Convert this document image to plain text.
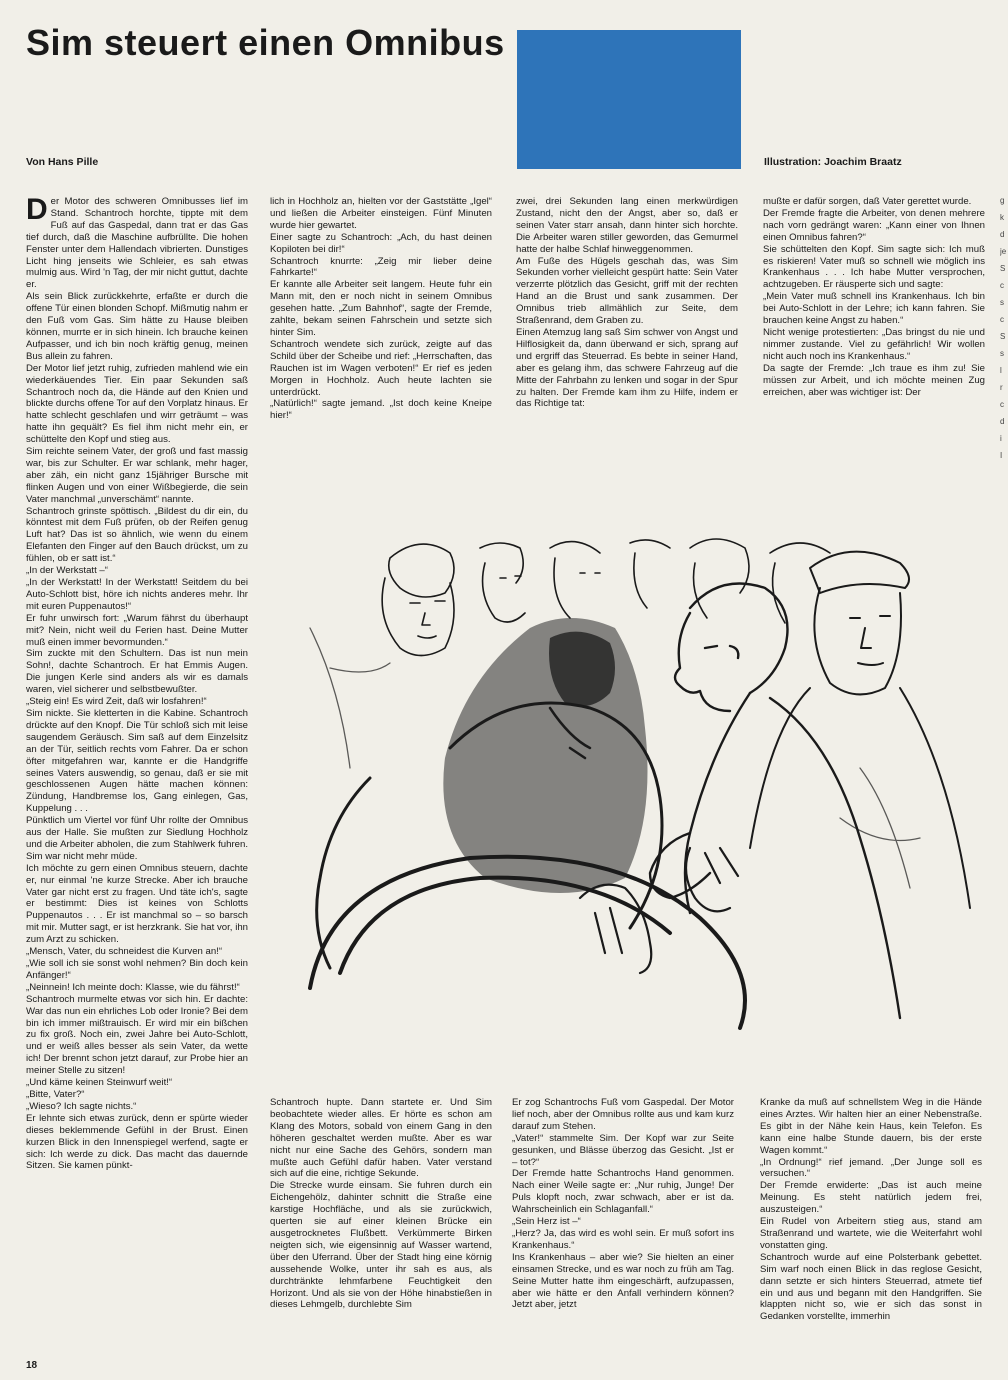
Sim steuert einen Omnibus

Von Hans Pille	Illustration: Joachim Braatz

Der Motor des schweren Omnibusses lief im Stand. Schantroch horchte, tippte mit dem Fuß auf das Gaspedal, dann trat er das Gas tief durch, daß die Maschine aufbrüllte. Die hohen Fenster unter dem Hallendach vibrierten. Dunstiges Licht hing jenseits wie Schleier, es sah etwas mulmig aus. Wird 'n Tag, der mir nicht guttut, dachte er.

Als sein Blick zurückkehrte, erfaßte er durch die offene Tür einen blonden Schopf. Mißmutig nahm er den Fuß vom Gas. Sim hätte zu Hause bleiben können, murrte er in sich hinein. Ich brauche keinen Aufpasser, und ich bin noch kräftig genug, meinen Bus allein zu fahren.

Der Motor lief jetzt ruhig, zufrieden mahlend wie ein wiederkäuendes Tier. Ein paar Sekunden saß Schantroch noch da, die Hände auf den Knien und blickte durchs offene Tor auf den Vorplatz hinaus. Er hatte schlecht geschlafen und wirr geträumt – was hatte ihn gequält? Es fiel ihm nicht mehr ein, er schüttelte den Kopf und stieg aus.

Sim reichte seinem Vater, der groß und fast massig war, bis zur Schulter. Er war schlank, mehr hager, aber zäh, ein nicht ganz 15jähriger Bursche mit flinken Augen und von einer Wißbegierde, die sein Vater manchmal „unverschämt“ nannte.

Schantroch grinste spöttisch. „Bildest du dir ein, du könntest mit dem Fuß prüfen, ob der Reifen genug Luft hat? Das ist so ähnlich, wie wenn du einem Elefanten den Finger auf den Bauch drückst, um zu fühlen, ob er satt ist.“

„In der Werkstatt –“

„In der Werkstatt! In der Werkstatt! Seitdem du bei Auto-Schlott bist, höre ich nichts anderes mehr. Ihr mit euren Puppenautos!“

Er fuhr unwirsch fort: „Warum fährst du überhaupt mit? Nein, nicht weil du Ferien hast. Deine Mutter muß einen immer bevormunden.“

Sim zuckte mit den Schultern. Das ist nun mein Sohn!, dachte Schantroch. Er hat Emmis Augen. Die jungen Kerle sind anders als wir es damals waren, viel sicherer und selbstbewußter.

„Steig ein! Es wird Zeit, daß wir losfahren!“

Sim nickte. Sie kletterten in die Kabine. Schantroch drückte auf den Knopf. Die Tür schloß sich mit leise saugendem Geräusch. Sim saß auf dem Einzelsitz an der Tür, seitlich rechts vom Fahrer. Da er schon öfter mitgefahren war, kannte er die Handgriffe seines Vaters auswendig, so genau, daß er sie mit geschlossenen Augen hätte machen können: Zündung, Handbremse los, Gang einlegen, Gas, Kuppelung . . .

Pünktlich um Viertel vor fünf Uhr rollte der Omnibus aus der Halle. Sie mußten zur Siedlung Hochholz und die Arbeiter abholen, die zum Stahlwerk fuhren. Sim war nicht mehr müde.

Ich möchte zu gern einen Omnibus steuern, dachte er, nur einmal 'ne kurze Strecke. Aber ich brauche Vater gar nicht erst zu fragen. Und täte ich's, sagte er bestimmt: Dies ist keines von Schlotts Puppenautos . . . Er ist manchmal so – so barsch mit mir. Mutter sagt, er ist herzkrank. Sie hat vor, ihn zum Arzt zu schicken.

„Mensch, Vater, du schneidest die Kurven an!“

„Wie soll ich sie sonst wohl nehmen? Bin doch kein Anfänger!“

„Neinnein! Ich meinte doch: Klasse, wie du fährst!“

Schantroch murmelte etwas vor sich hin. Er dachte: War das nun ein ehrliches Lob oder Ironie? Bei dem bin ich immer mißtrauisch. Er wird mir ein bißchen zu fix groß. Noch ein, zwei Jahre bei Auto-Schlott, und er weiß alles besser als sein Vater, da wette ich! Der brennt schon jetzt darauf, zur Probe hier an meiner Stelle zu sitzen!

„Und käme keinen Steinwurf weit!“

„Bitte, Vater?“

„Wieso? Ich sagte nichts.“

Er lehnte sich etwas zurück, denn er spürte wieder dieses beklemmende Gefühl in der Brust. Einen kurzen Blick in den Innenspiegel werfend, sagte er sich: Ich werde zu dick. Das macht das dauernde Sitzen. Sie kamen pünkt-

lich in Hochholz an, hielten vor der Gaststätte „Igel“ und ließen die Arbeiter einsteigen. Fünf Minuten wurde hier gewartet.

Einer sagte zu Schantroch: „Ach, du hast deinen Kopiloten bei dir!“

Schantroch knurrte: „Zeig mir lieber deine Fahrkarte!“

Er kannte alle Arbeiter seit langem. Heute fuhr ein Mann mit, den er noch nicht in seinem Omnibus gesehen hatte. „Zum Bahnhof“, sagte der Fremde, zahlte, bekam seinen Fahrschein und setzte sich hinter Sim.

Schantroch wendete sich zurück, zeigte auf das Schild über der Scheibe und rief: „Herrschaften, das Rauchen ist im Wagen verboten!“ Er rief es jeden Morgen in Hochholz. Auch heute lachten sie unterdrückt.

„Natürlich!“ sagte jemand. „Ist doch keine Kneipe hier!“

zwei, drei Sekunden lang einen merkwürdigen Zustand, nicht den der Angst, aber so, daß er seinen Vater starr ansah, dann hinter sich horchte. Die Arbeiter waren stiller geworden, das Gemurmel hatte der halbe Schlaf hinweggenommen.

Am Fuße des Hügels geschah das, was Sim Sekunden vorher vielleicht gespürt hatte: Sein Vater verzerrte plötzlich das Gesicht, griff mit der rechten Hand an die Brust und sank zusammen. Der Omnibus trieb allmählich zur Seite, dem Straßenrand, dem Graben zu.

Einen Atemzug lang saß Sim schwer von Angst und Hilflosigkeit da, dann überwand er sich, sprang auf und ergriff das Steuerrad. Es bebte in seiner Hand, aber es gelang ihm, das schwere Fahrzeug auf die Mitte der Fahrbahn zu lenken und sogar in der Spur zu halten. Der Fremde kam ihm zu Hilfe, indem er das Richtige tat:

mußte er dafür sorgen, daß Vater gerettet wurde.

Der Fremde fragte die Arbeiter, von denen mehrere nach vorn gedrängt waren: „Kann einer von Ihnen einen Omnibus fahren?“

Sie schüttelten den Kopf. Sim sagte sich: Ich muß es riskieren! Vater muß so schnell wie möglich ins Krankenhaus . . . Ich habe Mutter versprochen, achtzugeben. Er räusperte sich und sagte:

„Mein Vater muß schnell ins Krankenhaus. Ich bin bei Auto-Schlott in der Lehre; ich kann fahren. Sie brauchen keine Angst zu haben.“

Nicht wenige protestierten: „Das bringst du nie und nimmer zustande. Viel zu gefährlich! Wir wollen nicht auch noch ins Krankenhaus.“

Da sagte der Fremde: „Ich traue es ihm zu! Sie müssen zur Arbeit, und ich möchte meinen Zug erreichen, aber was wichtiger ist: Der

Schantroch hupte. Dann startete er. Und Sim beobachtete wieder alles. Er hörte es schon am Klang des Motors, sobald von einem Gang in den höheren geschaltet werden mußte. Aber es war nicht nur eine Sache des Gehörs, sondern man mußte auch Gefühl dafür haben. Vater verstand sich auf die eine, richtige Sekunde.

Die Strecke wurde einsam. Sie fuhren durch ein Eichengehölz, dahinter schnitt die Straße eine karstige Hochfläche, und als sie zurückwich, querten sie auf einer kleinen Brücke ein ausgetrocknetes Flußbett. Verkümmerte Birken neigten sich, wie eigensinnig auf Wasser wartend, über den Uferrand. Über der Stadt hing eine körnig aussehende Wolke, unter ihr sah es aus, als durchtränkte lehmfarbene Feuchtigkeit den Horizont. Und als sie von der Höhe hinabstießen in dieses Lehmgelb, durchlebte Sim

Er zog Schantrochs Fuß vom Gaspedal. Der Motor lief noch, aber der Omnibus rollte aus und kam kurz darauf zum Stehen.

„Vater!“ stammelte Sim. Der Kopf war zur Seite gesunken, und Blässe überzog das Gesicht. „Ist er – tot?“

Der Fremde hatte Schantrochs Hand genommen. Nach einer Weile sagte er: „Nur ruhig, Junge! Der Puls klopft noch, zwar schwach, aber er ist da. Wahrscheinlich ein Schlaganfall.“

„Sein Herz ist –“

„Herz? Ja, das wird es wohl sein. Er muß sofort ins Krankenhaus.“

Ins Krankenhaus – aber wie? Sie hielten an einer einsamen Strecke, und es war noch zu früh am Tag. Seine Mutter hatte ihm eingeschärft, aufzupassen, aber wie hätte er den Anfall verhindern können? Jetzt aber, jetzt

Kranke da muß auf schnellstem Weg in die Hände eines Arztes. Wir halten hier an einer Nebenstraße. Es gibt in der Nähe kein Haus, kein Telefon. Es kann eine halbe Stunde dauern, bis der erste Wagen kommt.“

„In Ordnung!“ rief jemand. „Der Junge soll es versuchen.“

Der Fremde erwiderte: „Das ist auch meine Meinung. Es steht natürlich jedem frei, auszusteigen.“

Ein Rudel von Arbeitern stieg aus, stand am Straßenrand und wartete, wie die Weiterfahrt wohl vonstatten ging.

Schantroch wurde auf eine Polsterbank gebettet. Sim warf noch einen Blick in das reglose Gesicht, dann setzte er sich hinters Steuerrad, atmete tief ein und aus und begann mit den Handgriffen. Sie klappten nicht so, wie er sich das sonst in Gedanken vorstellte, immerhin

18
g
k
d
je
S
c
s
c
S
s
l
r
c
d
i
I
